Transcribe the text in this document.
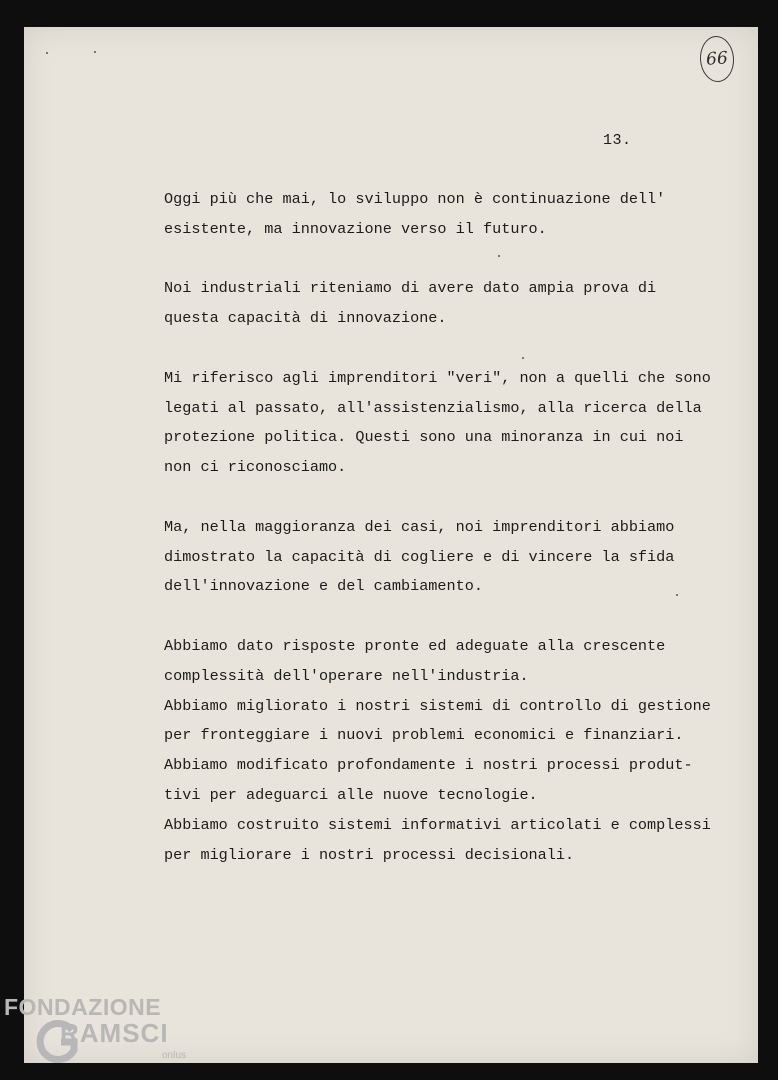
66
13.

Oggi più che mai, lo sviluppo non è continuazione dell'
esistente, ma innovazione verso il futuro.

Noi industriali riteniamo di avere dato ampia prova di
questa capacità di innovazione.

Mi riferisco agli imprenditori "veri", non a quelli che sono
legati al passato, all'assistenzialismo, alla ricerca della
protezione politica. Questi sono una minoranza in cui noi
non ci riconosciamo.

Ma, nella maggioranza dei casi, noi imprenditori abbiamo
dimostrato la capacità di cogliere e di vincere la sfida
dell'innovazione e del cambiamento.

Abbiamo dato risposte pronte ed adeguate alla crescente
complessità dell'operare nell'industria.
Abbiamo migliorato i nostri sistemi di controllo di gestione
per fronteggiare i nuovi problemi economici e finanziari.
Abbiamo modificato profondamente i nostri processi produt-
tivi per adeguarci alle nuove tecnologie.
Abbiamo costruito sistemi informativi articolati e complessi
per migliorare i nostri processi decisionali.

FONDAZIONE
RAMSCI
onlus
